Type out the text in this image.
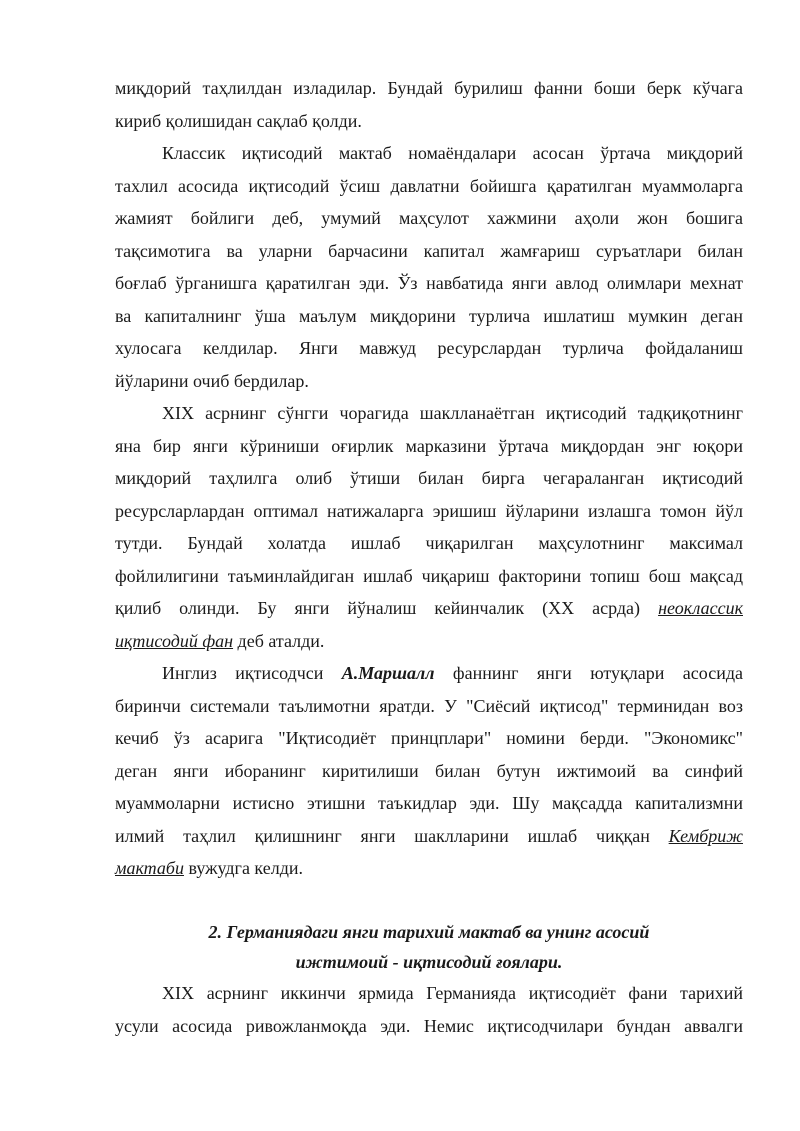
миқдорий таҳлилдан изладилар. Бундай бурилиш фанни боши берк кўчага
кириб қолишидан сақлаб қолди.
Классик иқтисодий мактаб номаёндалари асосан ўртача миқдорий
тахлил асосида иқтисодий ўсиш давлатни бойишга қаратилган муаммоларга
жамият бойлиги деб, умумий маҳсулот хажмини аҳоли жон бошига
тақсимотига ва уларни барчасини капитал жамғариш суръатлари билан
боғлаб ўрганишга қаратилган эди. Ўз навбатида янги авлод олимлари мехнат
ва капиталнинг ўша маълум миқдорини турлича ишлатиш мумкин деган
хулосага келдилар. Янги мавжуд ресурслардан турлича фойдаланиш
йўларини очиб бердилар.
XIX асрнинг сўнгги чорагида шаклланаётган иқтисодий тадқиқотнинг
яна бир янги кўриниши оғирлик марказини ўртача миқдордан энг юқори
миқдорий таҳлилга олиб ўтиши билан бирга чегараланган иқтисодий
ресурсларлардан оптимал натижаларга эришиш йўларини излашга томон йўл
тутди. Бундай холатда ишлаб чиқарилган маҳсулотнинг максимал
фойлилигини таъминлайдиган ишлаб чиқариш факторини топиш бош мақсад
қилиб олинди. Бу янги йўналиш кейинчалик (XX асрда) неоклассик
иқтисодий фан деб аталди.
Инглиз иқтисодчси А.Маршалл фаннинг янги ютуқлари асосида
биринчи системали таълимотни яратди. У "Сиёсий иқтисод" терминидан воз
кечиб ўз асарига "Иқтисодиёт принцплари" номини берди. "Экономикс"
деган янги иборанинг киритилиши билан бутун ижтимоий ва синфий
муаммоларни истисно этишни таъкидлар эди. Шу мақсадда капитализмни
илмий таҳлил қилишнинг янги шаклларини ишлаб чиққан Кембриж
мактаби вужудга келди.
2. Германиядаги янги тарихий мактаб ва унинг асосий
ижтимоий - иқтисодий ғоялари.
XIX асрнинг иккинчи ярмида Германияда иқтисодиёт фани тарихий
усули асосида ривожланмоқда эди. Немис иқтисодчилари бундан аввалги
